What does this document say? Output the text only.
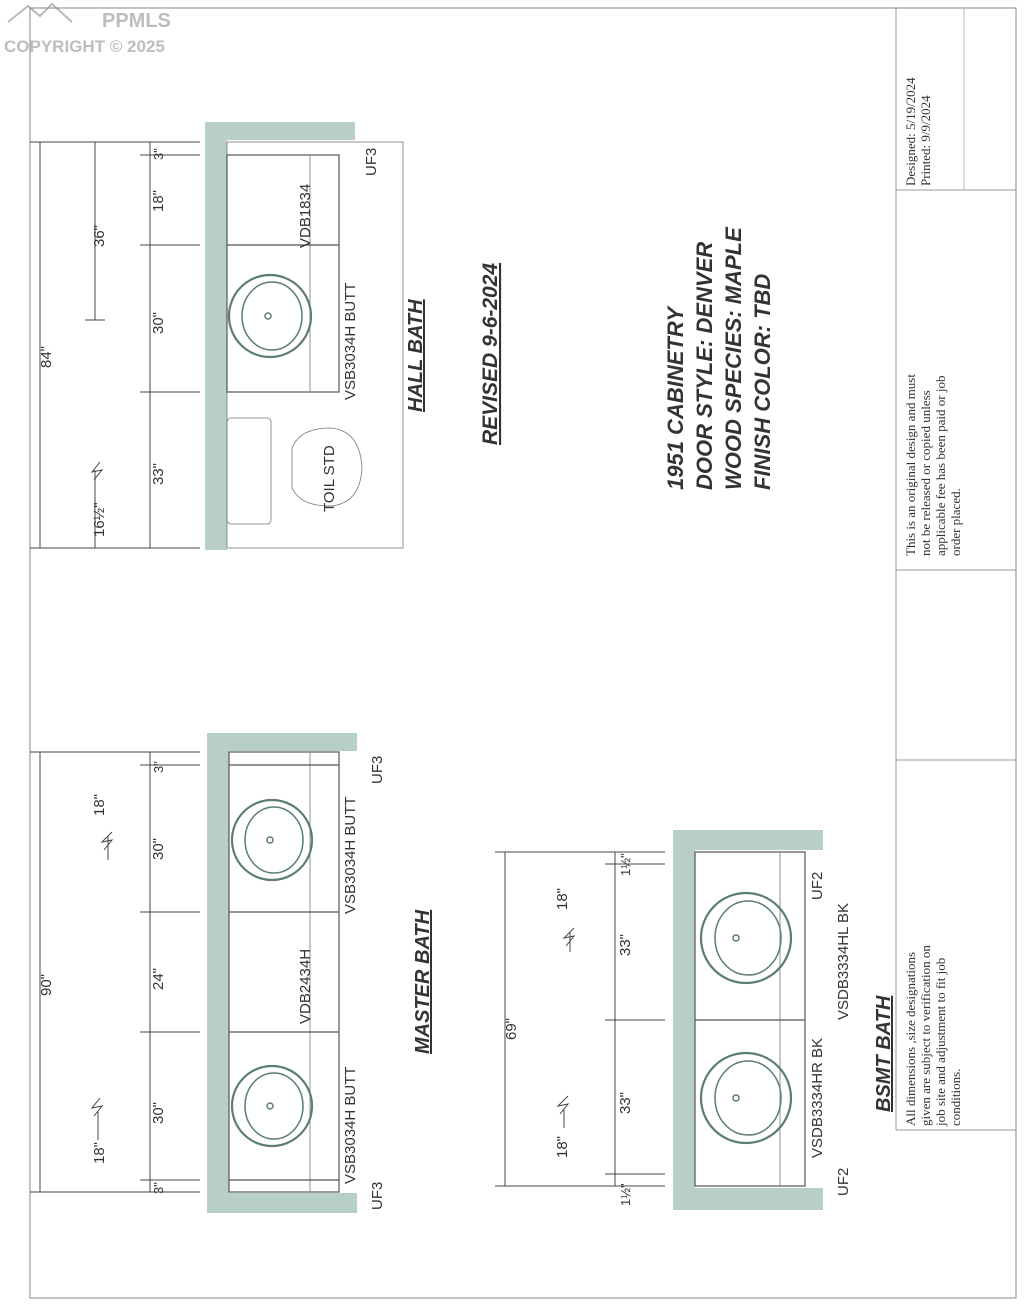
PPMLS
COPYRIGHT © 2025
Designed: 5/19/2024 Printed: 9/9/2024
This is an original design and must not be released or copied unless applicable fee has been paid or job order placed.
All dimensions ,size designations given are subject to verification on job site and adjustment to fit job conditions.
1951 CABINETRY DOOR STYLE: DENVER WOOD SPECIES: MAPLE FINISH COLOR: TBD
REVISED 9-6-2024
84"
36"
16½"
33"
30"
18"
3"
VSB3034H BUTT
VDB1834
TOIL STD
UF3
HALL BATH
90"
18"
18"
3"
30"
24"
30"
3"
VSB3034H BUTT
VDB2434H
VSB3034H BUTT
UF3
UF3
MASTER BATH	69"
18"
18"
1½"
33"
33"
1½"
VSDB3334HR BK
VSDB3334HL BK
UF2
UF2
BSMT BATH
